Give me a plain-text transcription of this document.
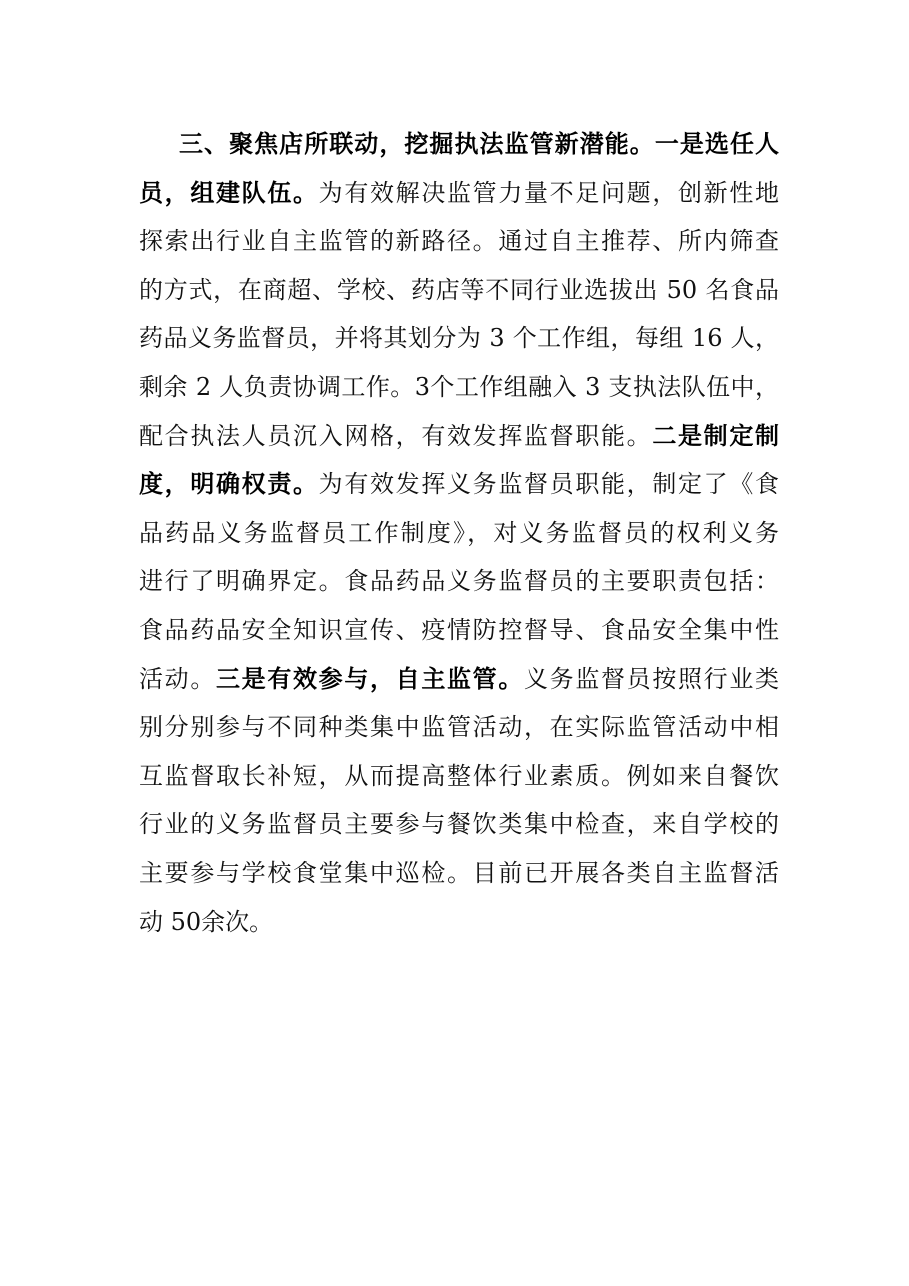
三、聚焦店所联动，挖掘执法监管新潜能。一是选任人
员，组建队伍。为有效解决监管力量不足问题，创新性地
探索出行业自主监管的新路径。通过自主推荐、所内筛查
的方式，在商超、学校、药店等不同行业选拔出 50 名食品
药品义务监督员，并将其划分为 3 个工作组，每组 16 人，
剩余 2 人负责协调工作。3个工作组融入 3 支执法队伍中，
配合执法人员沉入网格，有效发挥监督职能。二是制定制
度，明确权责。为有效发挥义务监督员职能，制定了《食
品药品义务监督员工作制度》，对义务监督员的权利义务
进行了明确界定。食品药品义务监督员的主要职责包括：
食品药品安全知识宣传、疫情防控督导、食品安全集中性
活动。三是有效参与，自主监管。义务监督员按照行业类
别分别参与不同种类集中监管活动，在实际监管活动中相
互监督取长补短，从而提高整体行业素质。例如来自餐饮
行业的义务监督员主要参与餐饮类集中检查，来自学校的
主要参与学校食堂集中巡检。目前已开展各类自主监督活
动 50余次。
